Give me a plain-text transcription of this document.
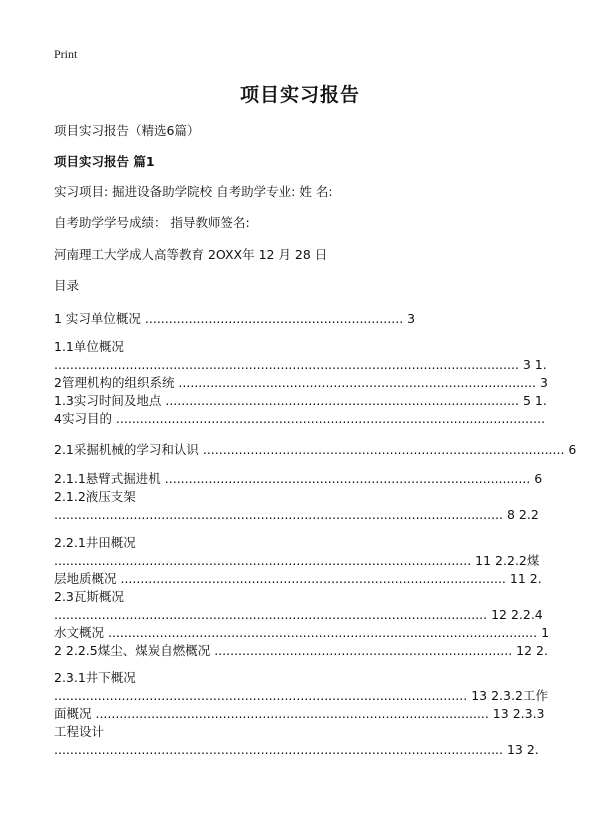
Print
项目实习报告
项目实习报告（精选6篇）
项目实习报告 篇1
实习项目: 掘进设备助学院校 自考助学专业: 姓 名:
自考助学学号成绩： 指导教师签名:
河南理工大学成人高等教育 2OXX年 12 月 28 日
目录
1 实习单位概况 ................................................................. 3
1.1单位概况 ..................................................................................................................... 3 1.2管理机构的组织系统 .......................................................................................... 3 1.3实习时间及地点 ......................................................................................... 5 1.4实习目的 ............................................................................................................
2.1采掘机械的学习和认识 ........................................................................................... 6
2.1.1悬臂式掘进机 ............................................................................................ 6 2.1.2液压支架 ................................................................................................................. 8 2.2
2.2.1井田概况 ......................................................................................................... 11 2.2.2煤层地质概况 ................................................................................................. 11 2.2.3瓦斯概况 ............................................................................................................. 12 2.2.4水文概况 ............................................................................................................ 12 2.2.5煤尘、煤炭自燃概况 ........................................................................... 12 2.
2.3.1井下概况 ........................................................................................................ 13 2.3.2工作面概况 ................................................................................................... 13 2.3.3工程设计 ................................................................................................................. 13 2.
